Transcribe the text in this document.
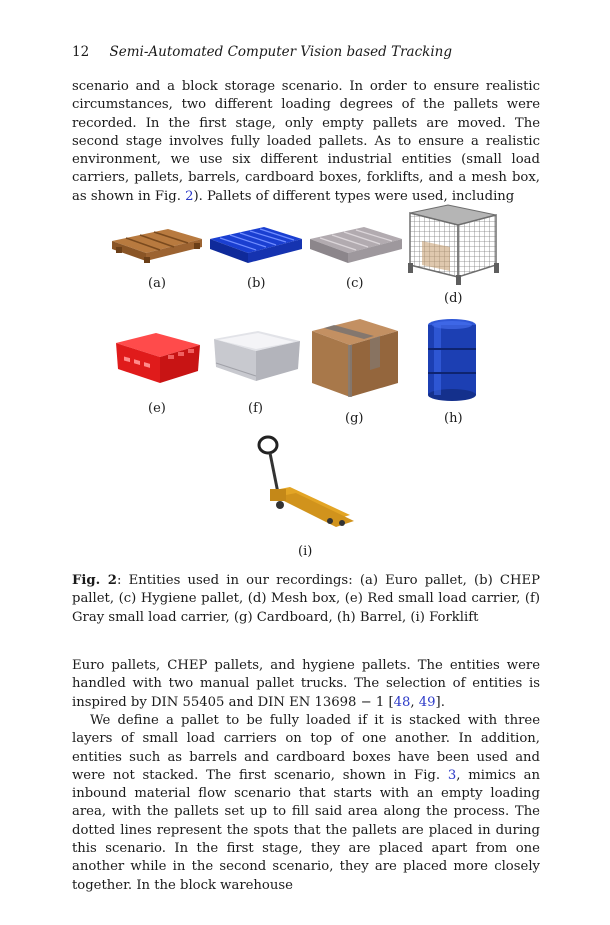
12 Semi-Automated Computer Vision based Tracking

scenario and a block storage scenario. In order to ensure realistic circumstances, two different loading degrees of the pallets were recorded. In the first stage, only empty pallets are moved. The second stage involves fully loaded pallets. As to ensure a realistic environment, we use six different industrial entities (small load carriers, pallets, barrels, cardboard boxes, forklifts, and a mesh box, as shown in Fig. 2). Pallets of different types were used, including

(a)	(b)	(c)
(d)
(e)	(f)
(g)	(h)
(i)

Fig. 2: Entities used in our recordings: (a) Euro pallet, (b) CHEP pallet, (c) Hygiene pallet, (d) Mesh box, (e) Red small load carrier, (f) Gray small load carrier, (g) Cardboard, (h) Barrel, (i) Forklift

Euro pallets, CHEP pallets, and hygiene pallets. The entities were handled with two manual pallet trucks. The selection of entities is inspired by DIN 55405 and DIN EN 13698 − 1 [48, 49].

We define a pallet to be fully loaded if it is stacked with three layers of small load carriers on top of one another. In addition, entities such as barrels and cardboard boxes have been used and were not stacked. The first scenario, shown in Fig. 3, mimics an inbound material flow scenario that starts with an empty loading area, with the pallets set up to fill said area along the process. The dotted lines represent the spots that the pallets are placed in during this scenario. In the first stage, they are placed apart from one another while in the second scenario, they are placed more closely together. In the block warehouse
